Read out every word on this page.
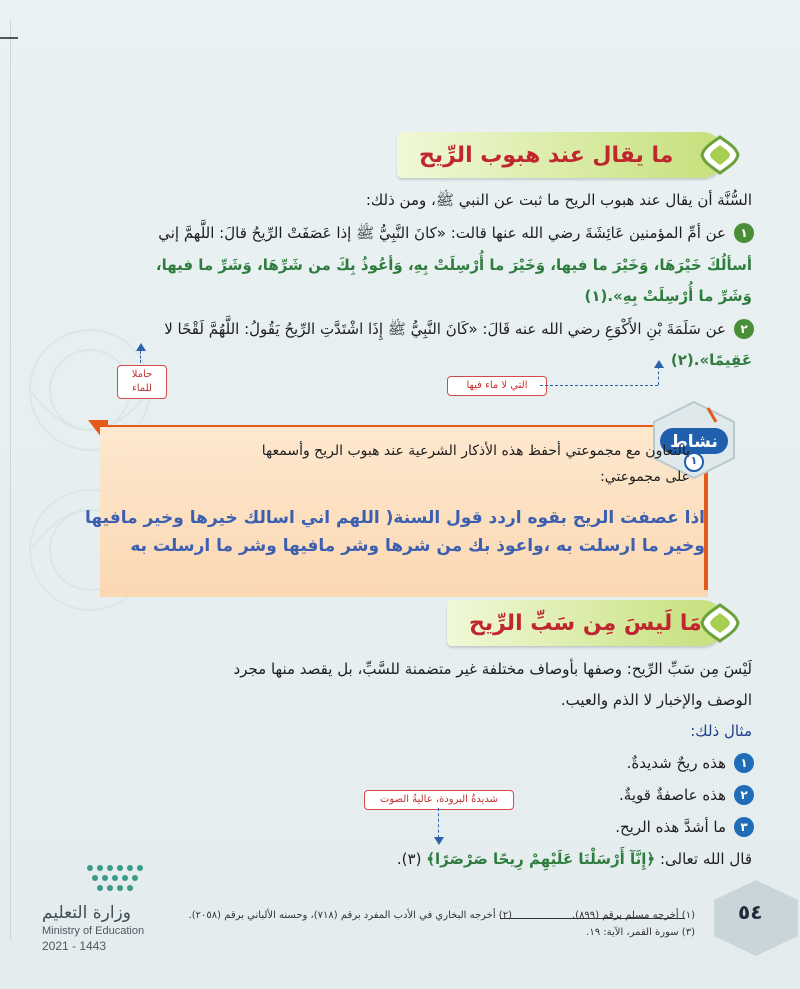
ما يقال عند هبوب الرِّيح
السُّنَّة أن يقال عند هبوب الريح ما ثبت عن النبي ﷺ، ومن ذلك:
١
عن أمِّ المؤمنين عَائِشَةَ رضي الله عنها قالت: «كانَ النَّبِيُّ ﷺ إذا عَصَفَتْ الرِّيحُ قالَ: اللَّهمَّ إني
أسألُكَ خَيْرَهَا، وَخَيْرَ ما فيها، وَخَيْرَ ما أُرْسِلَتْ بِهِ، وَأعُوذُ بِكَ من شَرِّهَا، وَشَرِّ ما فيها،
وَشَرِّ ما أُرْسِلَتْ بِهِ».(١)
٢
عن سَلَمَةَ بْنِ الأَكْوَعِ رضي الله عنه قَالَ: «كَانَ النَّبِيُّ ﷺ إِذَا اشْتَدَّتِ الرِّيحُ يَقُولُ: اللَّهُمَّ لَقْحًا لا
عَقِيمًا».(٢)
حاملا للماء	التي لا ماء فيها
نشاط
١
بالتعاون مع مجموعتي أحفظ هذه الأذكار الشرعية عند هبوب الريح وأسمعها
على مجموعتي:
اذا عصفت الريح بقوه اردد قول السنة( اللهم اني اسالك خيرها وخير مافيها
وخير ما ارسلت به ،واعوذ بك من شرها وشر مافيها وشر ما ارسلت به
مَا لَيسَ مِن سَبِّ الرِّيح
لَيْسَ مِن سَبِّ الرِّيح: وصفها بأوصاف مختلفة غير متضمنة للسَّبِّ، بل يقصد منها مجرد
الوصف والإخبار لا الذم والعيب.
مثال ذلك:
١
هذه ريحٌ شديدةٌ.
٢
هذه عاصفةٌ قويةٌ.
٣
ما أشدَّ هذه الريح.
شديدةُ البرودة، عاليةُ الصوت
قال الله تعالى: ﴿إِنَّآ أَرْسَلْنَا عَلَيْهِمْ رِيحًا صَرْصَرًا﴾ (٣).
٥٤
(١) أخرجه مسلم برقم (٨٩٩).
(٢) أخرجه البخاري في الأدب المفرد برقم (٧١٨)، وحسنه الألباني برقم (٢٠٥٨).
(٣) سورة القمر، الآية: ١٩.
وزارة التعليم
Ministry of Education
2021 - 1443
